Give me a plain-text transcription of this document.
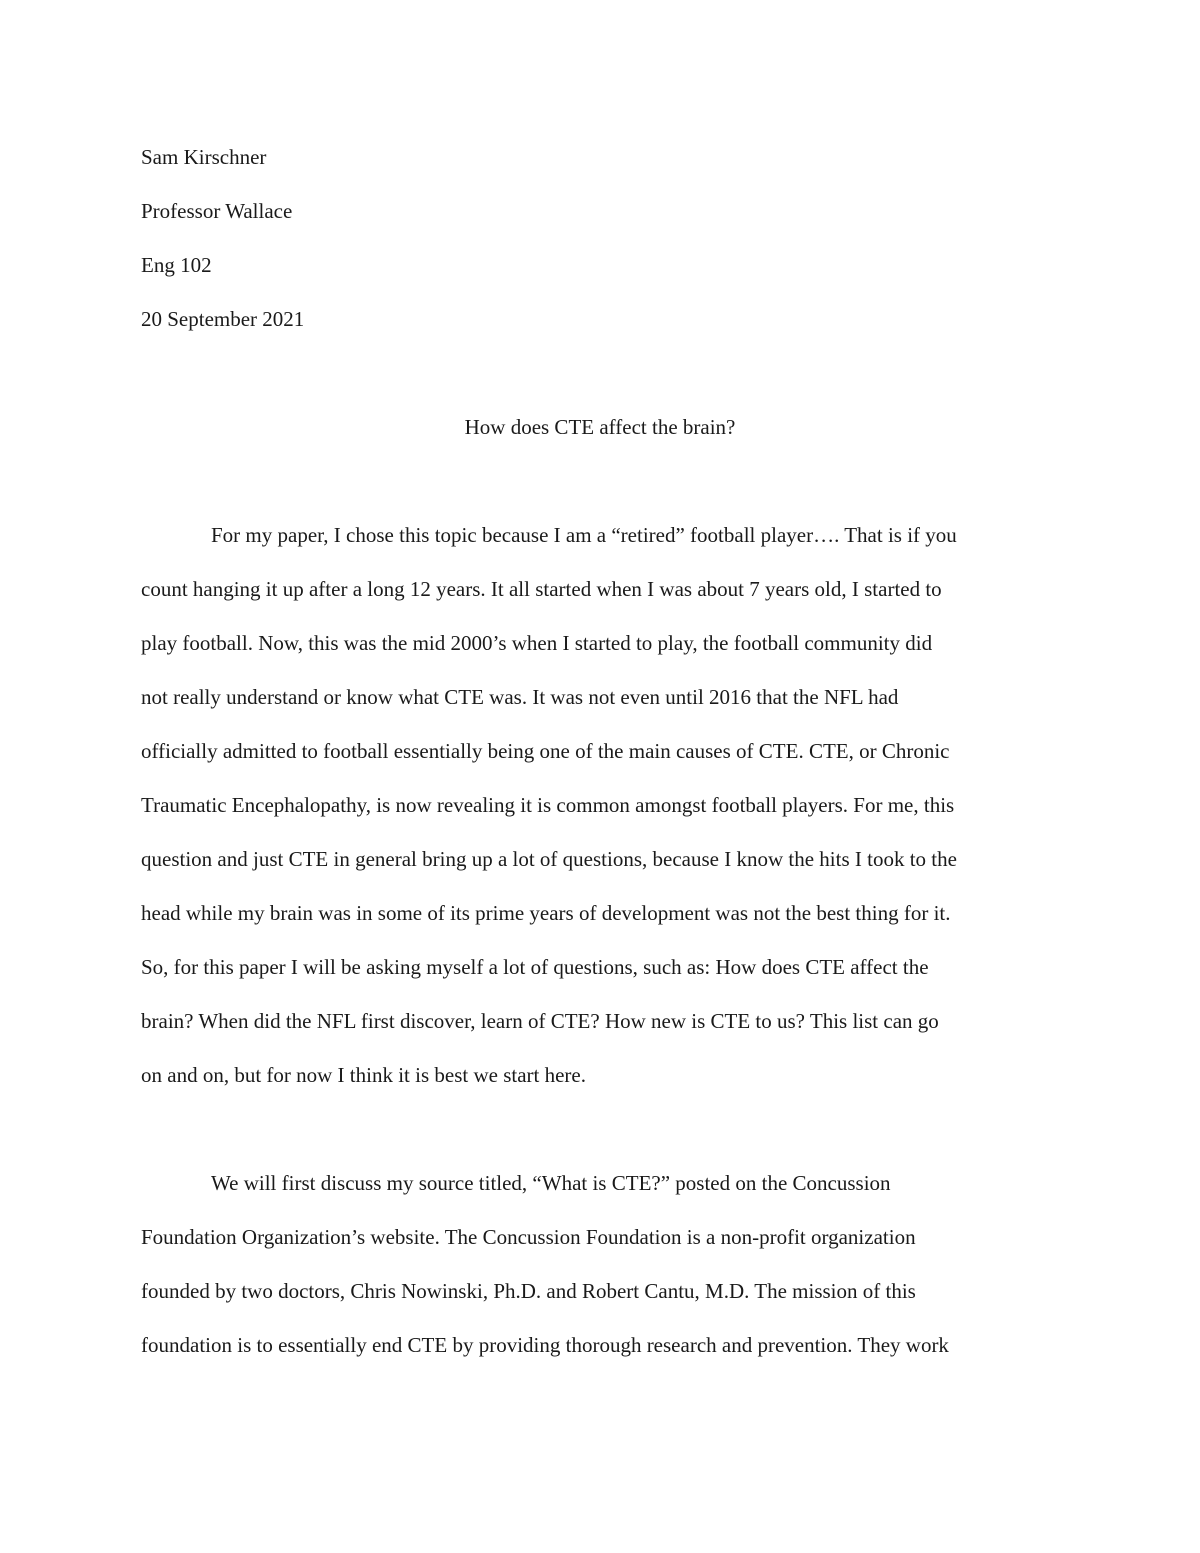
Sam Kirschner

Professor Wallace

Eng 102

20 September 2021

How does CTE affect the brain?

For my paper, I chose this topic because I am a “retired” football player…. That is if you
count hanging it up after a long 12 years. It all started when I was about 7 years old, I started to
play football. Now, this was the mid 2000’s when I started to play, the football community did
not really understand or know what CTE was. It was not even until 2016 that the NFL had
officially admitted to football essentially being one of the main causes of CTE. CTE, or Chronic
Traumatic Encephalopathy, is now revealing it is common amongst football players. For me, this
question and just CTE in general bring up a lot of questions, because I know the hits I took to the
head while my brain was in some of its prime years of development was not the best thing for it.
So, for this paper I will be asking myself a lot of questions, such as: How does CTE affect the
brain? When did the NFL first discover, learn of CTE? How new is CTE to us? This list can go
on and on, but for now I think it is best we start here.

We will first discuss my source titled, “What is CTE?” posted on the Concussion
Foundation Organization’s website. The Concussion Foundation is a non-profit organization
founded by two doctors, Chris Nowinski, Ph.D. and Robert Cantu, M.D. The mission of this
foundation is to essentially end CTE by providing thorough research and prevention. They work
